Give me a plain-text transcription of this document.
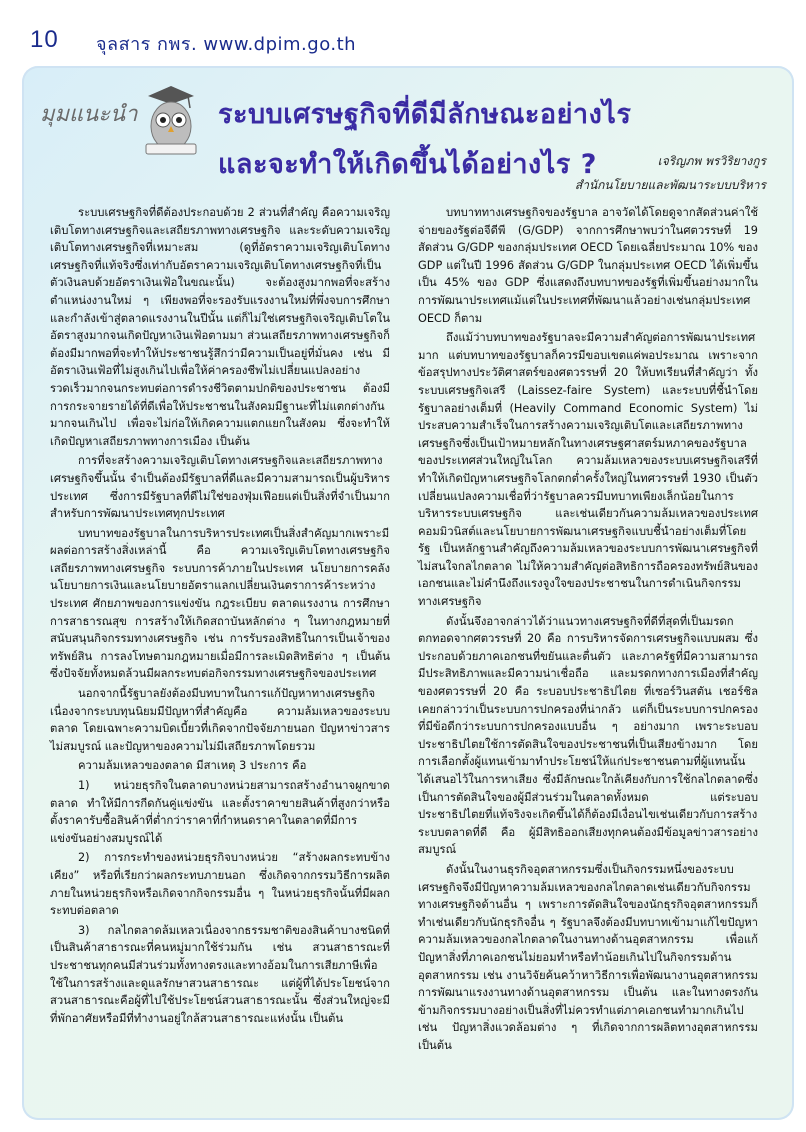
10 จุลสาร กพร. www.dpim.go.th
มุมแนะนำ	ระบบเศรษฐกิจที่ดีมีลักษณะอย่างไร
และจะทำให้เกิดขึ้นได้อย่างไร ?	เจริญภพ พรวิริยางกูร
สำนักนโยบายและพัฒนาระบบบริหาร

ระบบเศรษฐกิจที่ดีต้องประกอบด้วย 2 ส่วนที่สำคัญ คือความเจริญเติบโตทางเศรษฐกิจและเสถียรภาพทางเศรษฐกิจ และระดับความเจริญเติบโตทางเศรษฐกิจที่เหมาะสม (ดูที่อัตราความเจริญเติบโตทางเศรษฐกิจที่แท้จริงซึ่งเท่ากับอัตราความเจริญเติบโตทางเศรษฐกิจที่เป็นตัวเงินลบด้วยอัตราเงินเฟ้อในขณะนั้น) จะต้องสูงมากพอที่จะสร้างตำแหน่งงานใหม่ ๆ เพียงพอที่จะรองรับแรงงานใหม่ที่พึ่งจบการศึกษาและกำลังเข้าสู่ตลาดแรงงานในปีนั้น แต่ก็ไม่ใช่เศรษฐกิจเจริญเติบโตในอัตราสูงมากจนเกิดปัญหาเงินเฟ้อตามมา ส่วนเสถียรภาพทางเศรษฐกิจก็ต้องมีมากพอที่จะทำให้ประชาชนรู้สึกว่ามีความเป็นอยู่ที่มั่นคง เช่น มีอัตราเงินเฟ้อที่ไม่สูงเกินไปเพื่อให้ค่าครองชีพไม่เปลี่ยนแปลงอย่างรวดเร็วมากจนกระทบต่อการดำรงชีวิตตามปกติของประชาชน ต้องมีการกระจายรายได้ที่ดีเพื่อให้ประชาชนในสังคมมีฐานะที่ไม่แตกต่างกันมากจนเกินไป เพื่อจะไม่ก่อให้เกิดความแตกแยกในสังคม ซึ่งจะทำให้เกิดปัญหาเสถียรภาพทางการเมือง เป็นต้น

การที่จะสร้างความเจริญเติบโตทางเศรษฐกิจและเสถียรภาพทางเศรษฐกิจขึ้นนั้น จำเป็นต้องมีรัฐบาลที่ดีและมีความสามารถเป็นผู้บริหารประเทศ ซึ่งการมีรัฐบาลที่ดีไม่ใช่ของฟุ่มเฟือยแต่เป็นสิ่งที่จำเป็นมากสำหรับการพัฒนาประเทศทุกประเทศ

บทบาทของรัฐบาลในการบริหารประเทศเป็นสิ่งสำคัญมากเพราะมีผลต่อการสร้างสิ่งเหล่านี้ คือ ความเจริญเติบโตทางเศรษฐกิจ เสถียรภาพทางเศรษฐกิจ ระบบการค้าภายในประเทศ นโยบายการคลัง นโยบายการเงินและนโยบายอัตราแลกเปลี่ยนเงินตราการค้าระหว่างประเทศ ศักยภาพของการแข่งขัน กฎระเบียบ ตลาดแรงงาน การศึกษา การสาธารณสุข การสร้างให้เกิดสถาบันหลักต่าง ๆ ในทางกฎหมายที่สนับสนุนกิจกรรมทางเศรษฐกิจ เช่น การรับรองสิทธิในการเป็นเจ้าของทรัพย์สิน การลงโทษตามกฎหมายเมื่อมีการละเมิดสิทธิต่าง ๆ เป็นต้น ซึ่งปัจจัยทั้งหมดล้วนมีผลกระทบต่อกิจกรรมทางเศรษฐกิจของประเทศ

นอกจากนี้รัฐบาลยังต้องมีบทบาทในการแก้ปัญหาทางเศรษฐกิจ เนื่องจากระบบทุนนิยมมีปัญหาที่สำคัญคือ ความล้มเหลวของระบบตลาด โดยเฉพาะความบิดเบี้ยวที่เกิดจากปัจจัยภายนอก ปัญหาข่าวสารไม่สมบูรณ์ และปัญหาของความไม่มีเสถียรภาพโดยรวม

ความล้มเหลวของตลาด มีสาเหตุ 3 ประการ คือ

1) หน่วยธุรกิจในตลาดบางหน่วยสามารถสร้างอำนาจผูกขาดตลาด ทำให้มีการกีดกันคู่แข่งขัน และตั้งราคาขายสินค้าที่สูงกว่าหรือตั้งราคารับซื้อสินค้าที่ต่ำกว่าราคาที่กำหนดราคาในตลาดที่มีการแข่งขันอย่างสมบูรณ์ได้

2) การกระทำของหน่วยธุรกิจบางหน่วย “สร้างผลกระทบข้างเคียง” หรือที่เรียกว่าผลกระทบภายนอก ซึ่งเกิดจากกรรมวิธีการผลิตภายในหน่วยธุรกิจหรือเกิดจากกิจกรรมอื่น ๆ ในหน่วยธุรกิจนั้นที่มีผลกระทบต่อตลาด

3) กลไกตลาดล้มเหลวเนื่องจากธรรมชาติของสินค้าบางชนิดที่เป็นสินค้าสาธารณะที่คนหมู่มากใช้ร่วมกัน เช่น สวนสาธารณะที่ประชาชนทุกคนมีส่วนร่วมทั้งทางตรงและทางอ้อมในการเสียภาษีเพื่อใช้ในการสร้างและดูแลรักษาสวนสาธารณะ แต่ผู้ที่ได้ประโยชน์จากสวนสาธารณะคือผู้ที่ไปใช้ประโยชน์สวนสาธารณะนั้น ซึ่งส่วนใหญ่จะมีที่พักอาศัยหรือมีที่ทำงานอยู่ใกล้สวนสาธารณะแห่งนั้น เป็นต้น

บทบาททางเศรษฐกิจของรัฐบาล อาจวัดได้โดยดูจากสัดส่วนค่าใช้จ่ายของรัฐต่อจีดีพี (G/GDP) จากการศึกษาพบว่าในศตวรรษที่ 19 สัดส่วน G/GDP ของกลุ่มประเทศ OECD โดยเฉลี่ยประมาณ 10% ของ GDP แต่ในปี 1996 สัดส่วน G/GDP ในกลุ่มประเทศ OECD ได้เพิ่มขึ้นเป็น 45% ของ GDP ซึ่งแสดงถึงบทบาทของรัฐที่เพิ่มขึ้นอย่างมากในการพัฒนาประเทศแม้แต่ในประเทศที่พัฒนาแล้วอย่างเช่นกลุ่มประเทศ OECD ก็ตาม

ถึงแม้ว่าบทบาทของรัฐบาลจะมีความสำคัญต่อการพัฒนาประเทศมาก แต่บทบาทของรัฐบาลก็ควรมีขอบเขตแค่พอประมาณ เพราะจากข้อสรุปทางประวัติศาสตร์ของศตวรรษที่ 20 ให้บทเรียนที่สำคัญว่า ทั้งระบบเศรษฐกิจเสรี (Laissez-faire System) และระบบที่ชี้นำโดยรัฐบาลอย่างเต็มที่ (Heavily Command Economic System) ไม่ประสบความสำเร็จในการสร้างความเจริญเติบโตและเสถียรภาพทางเศรษฐกิจซึ่งเป็นเป้าหมายหลักในทางเศรษฐศาสตร์มหภาคของรัฐบาลของประเทศส่วนใหญ่ในโลก ความล้มเหลวของระบบเศรษฐกิจเสรีที่ทำให้เกิดปัญหาเศรษฐกิจโลกตกต่ำครั้งใหญ่ในทศวรรษที่ 1930 เป็นตัวเปลี่ยนแปลงความเชื่อที่ว่ารัฐบาลควรมีบทบาทเพียงเล็กน้อยในการบริหารระบบเศรษฐกิจ และเช่นเดียวกันความล้มเหลวของประเทศคอมมิวนิสต์และนโยบายการพัฒนาเศรษฐกิจแบบชี้นำอย่างเต็มที่โดยรัฐ เป็นหลักฐานสำคัญถึงความล้มเหลวของระบบการพัฒนาเศรษฐกิจที่ไม่สนใจกลไกตลาด ไม่ให้ความสำคัญต่อสิทธิการถือครองทรัพย์สินของเอกชนและไม่คำนึงถึงแรงจูงใจของประชาชนในการดำเนินกิจกรรมทางเศรษฐกิจ

ดังนั้นจึงอาจกล่าวได้ว่าแนวทางเศรษฐกิจที่ดีที่สุดที่เป็นมรดกตกทอดจากศตวรรษที่ 20 คือ การบริหารจัดการเศรษฐกิจแบบผสม ซึ่งประกอบด้วยภาคเอกชนที่ขยันและตื่นตัว และภาครัฐที่มีความสามารถ มีประสิทธิภาพและมีความน่าเชื่อถือ และมรดกทางการเมืองที่สำคัญของศตวรรษที่ 20 คือ ระบอบประชาธิปไตย ที่เซอร์วินสตัน เชอร์ชิล เคยกล่าวว่าเป็นระบบการปกครองที่น่ากลัว แต่ก็เป็นระบบการปกครองที่มีข้อดีกว่าระบบการปกครองแบบอื่น ๆ อย่างมาก เพราะระบอบประชาธิปไตยใช้การตัดสินใจของประชาชนที่เป็นเสียงข้างมาก โดยการเลือกตั้งผู้แทนเข้ามาทำประโยชน์ให้แก่ประชาชนตามที่ผู้แทนนั้นได้เสนอไว้ในการหาเสียง ซึ่งมีลักษณะใกล้เคียงกับการใช้กลไกตลาดซึ่งเป็นการตัดสินใจของผู้มีส่วนร่วมในตลาดทั้งหมด แต่ระบอบประชาธิปไตยที่แท้จริงจะเกิดขึ้นได้ก็ต้องมีเงื่อนไขเช่นเดียวกับการสร้างระบบตลาดที่ดี คือ ผู้มีสิทธิออกเสียงทุกคนต้องมีข้อมูลข่าวสารอย่างสมบูรณ์

ดังนั้นในงานธุรกิจอุตสาหกรรมซึ่งเป็นกิจกรรมหนึ่งของระบบเศรษฐกิจจึงมีปัญหาความล้มเหลวของกลไกตลาดเช่นเดียวกับกิจกรรมทางเศรษฐกิจด้านอื่น ๆ เพราะการตัดสินใจของนักธุรกิจอุตสาหกรรมก็ทำเช่นเดียวกับนักธุรกิจอื่น ๆ รัฐบาลจึงต้องมีบทบาทเข้ามาแก้ไขปัญหาความล้มเหลวของกลไกตลาดในงานทางด้านอุตสาหกรรม เพื่อแก้ปัญหาสิ่งที่ภาคเอกชนไม่ยอมทำหรือทำน้อยเกินไปในกิจกรรมด้านอุตสาหกรรม เช่น งานวิจัยค้นคว้าหาวิธีการเพื่อพัฒนางานอุตสาหกรรม การพัฒนาแรงงานทางด้านอุตสาหกรรม เป็นต้น และในทางตรงกันข้ามกิจกรรมบางอย่างเป็นสิ่งที่ไม่ควรทำแต่ภาคเอกชนทำมากเกินไป เช่น ปัญหาสิ่งแวดล้อมต่าง ๆ ที่เกิดจากการผลิตทางอุตสาหกรรม เป็นต้น
